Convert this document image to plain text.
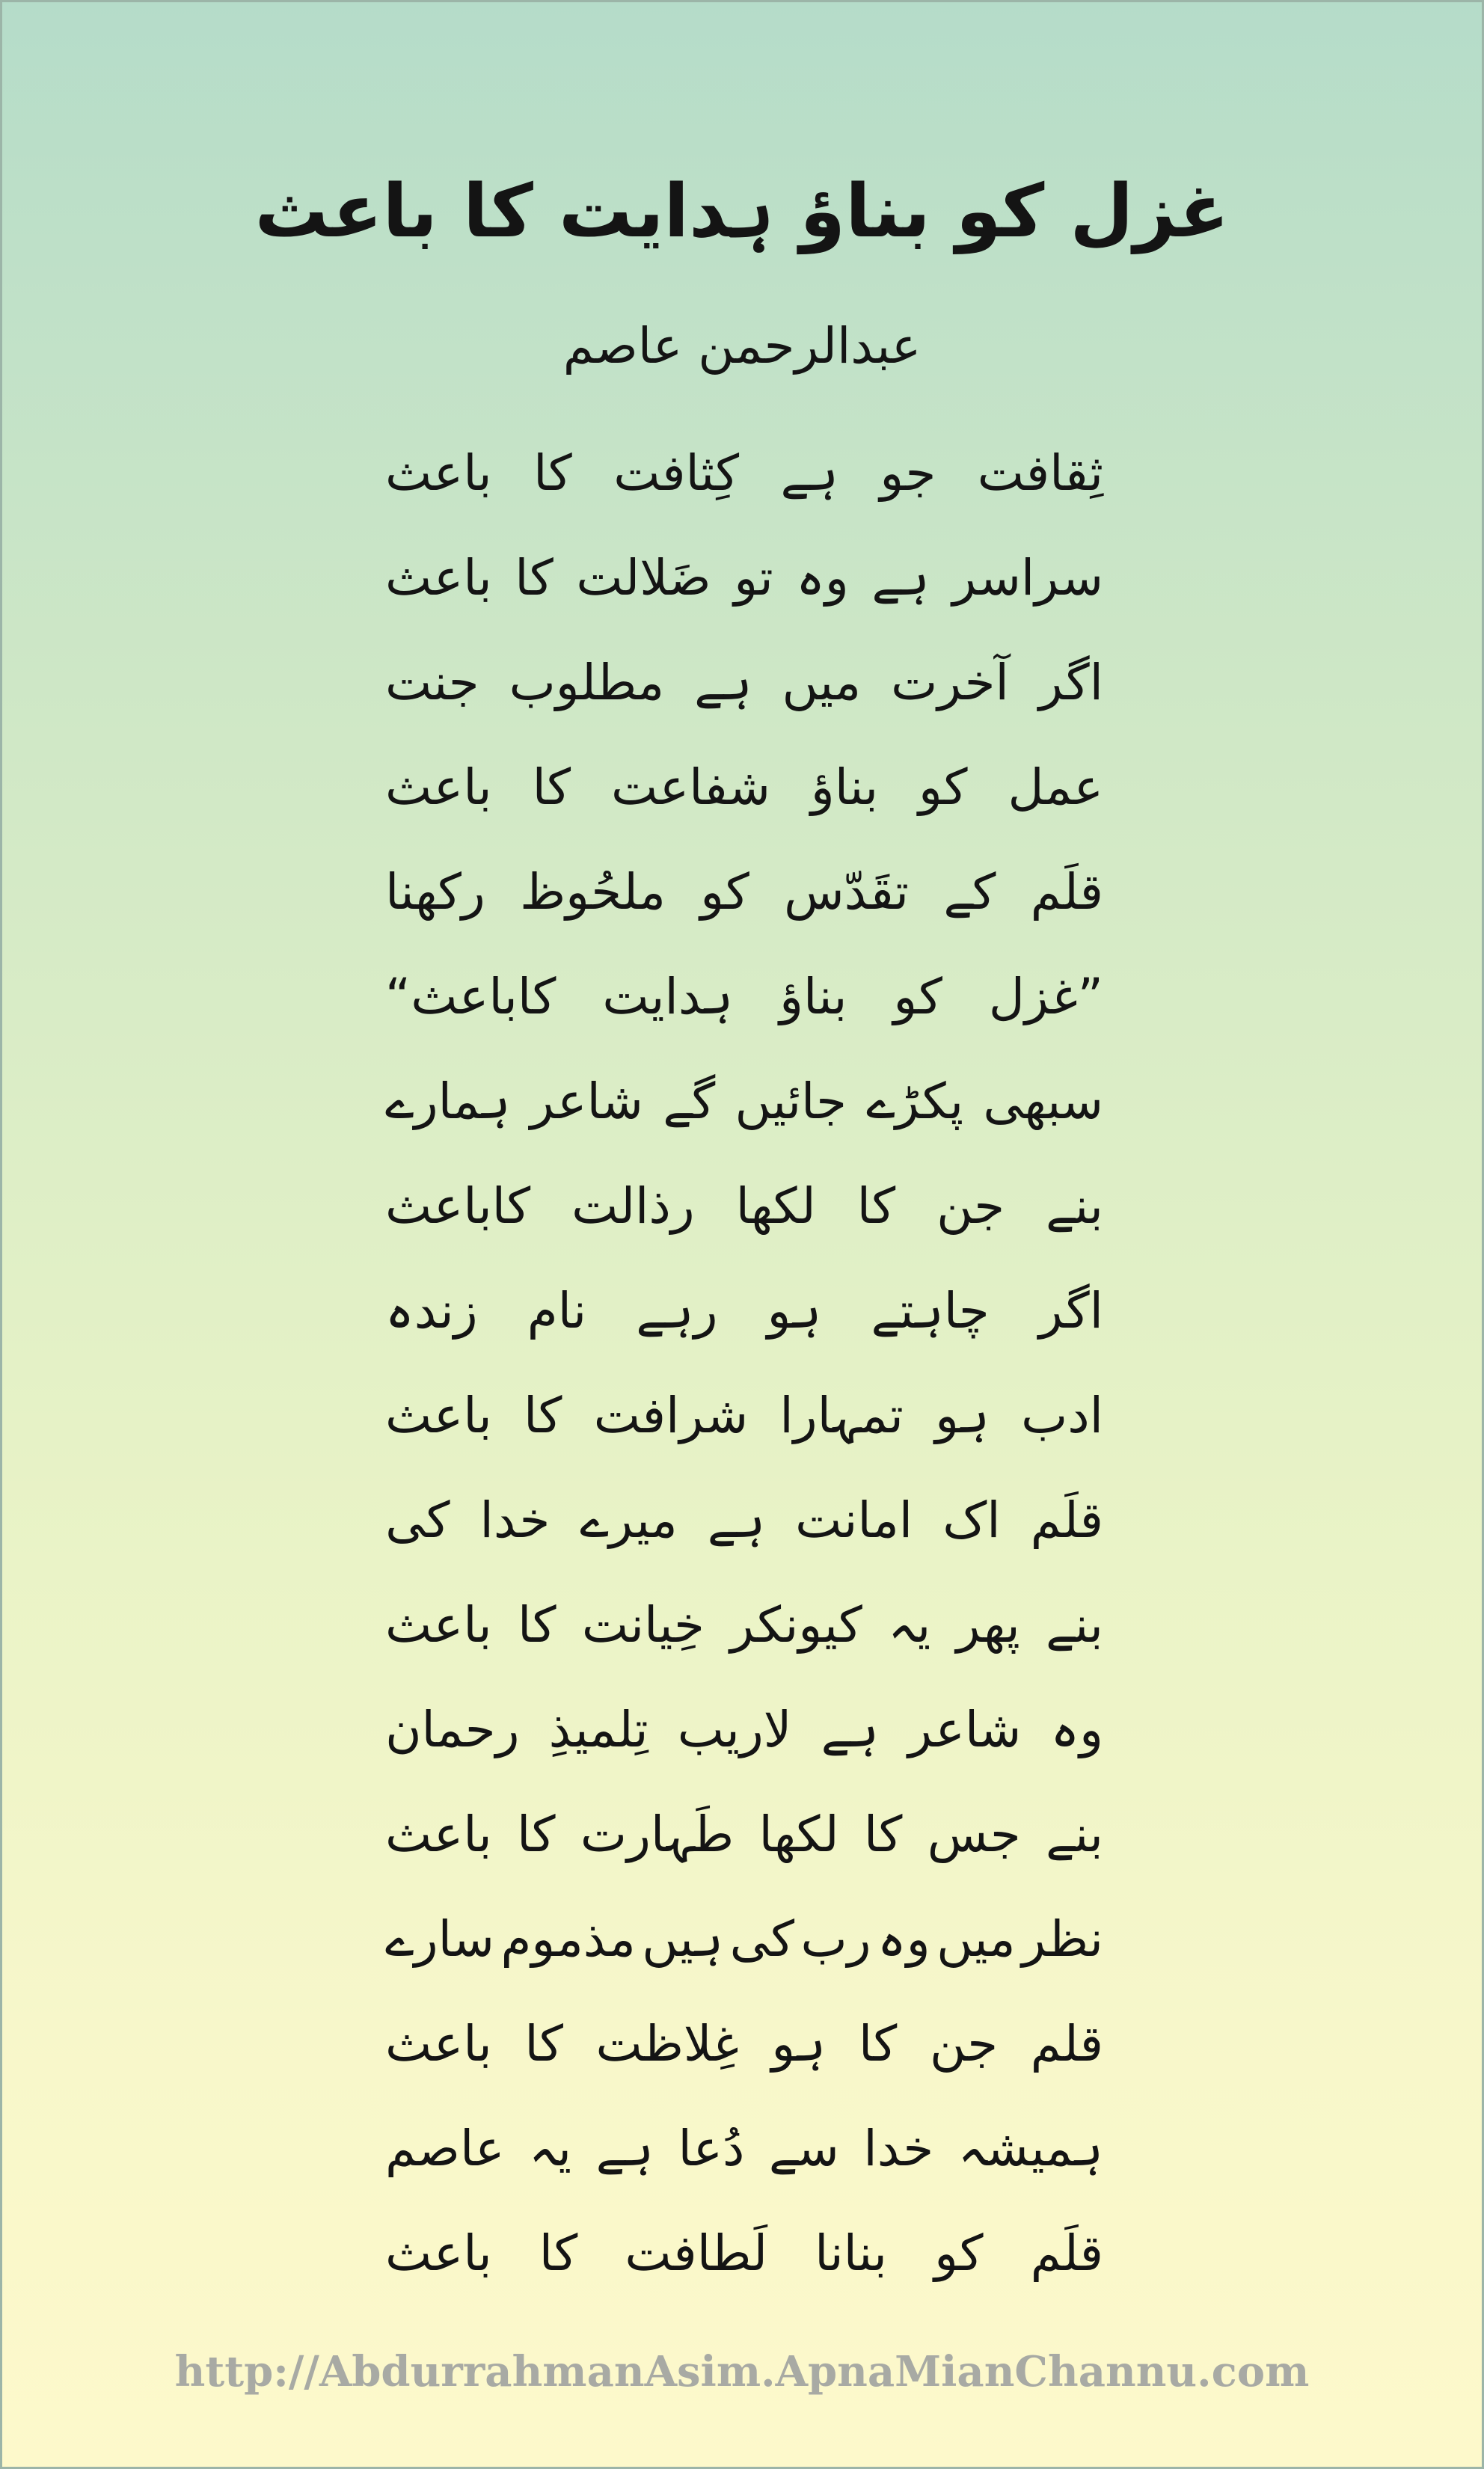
غزل کو بناؤ ہدایت کا باعث
عبدالرحمن عاصم
ثِقافت
جو
ہے
کِثافت
کا
باعث
سراسر
ہے
وہ
تو
ضَلالت
کا
باعث
اگر
آخرت
میں
ہے
مطلوب
جنت
عمل
کو
بناؤ
شفاعت
کا
باعث
قلَم
کے
تقَدّس
کو
ملحُوظ
رکھنا
”غزل
کو
بناؤ
ہدایت
کاباعث“
سبھی
پکڑے
جائیں
گے
شاعر
ہمارے
بنے
جن
کا
لکھا
رذالت
کاباعث
اگر
چاہتے
ہو
رہے
نام
زندہ
ادب
ہو
تمہارا
شرافت
کا
باعث
قلَم
اک
امانت
ہے
میرے
خدا
کی
بنے
پھر
یہ
کیونکر
خِیانت
کا
باعث
وہ
شاعر
ہے
لاریب
تِلمیذِ
رحمان
بنے
جس
کا
لکھا
طَہارت
کا
باعث
نظر
میں
وہ
رب
کی
ہیں
مذموم
سارے
قلم
جن
کا
ہو
غِلاظت
کا
باعث
ہمیشہ
خدا
سے
دُعا
ہے
یہ
عاصم
قلَم
کو
بنانا
لَطافت
کا
باعث
http://AbdurrahmanAsim.ApnaMianChannu.com
